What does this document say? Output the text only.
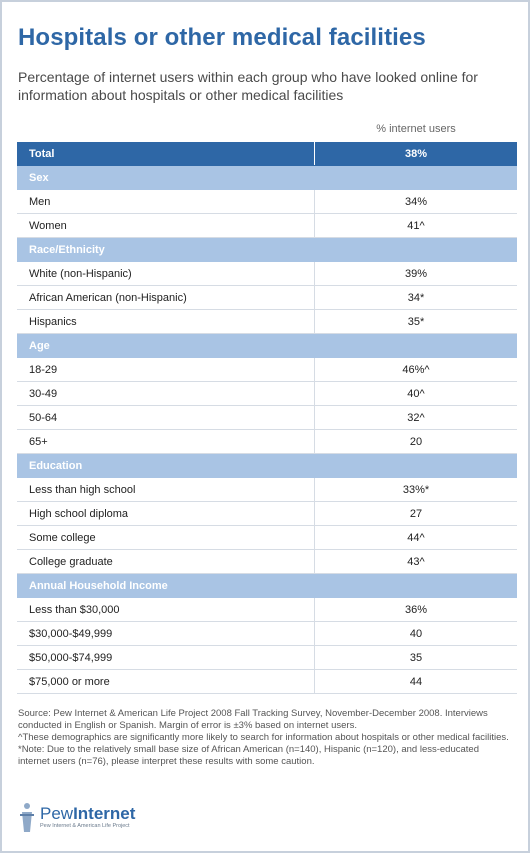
Hospitals or other medical facilities
Percentage of internet users within each group who have looked online for information about hospitals or other medical facilities
% internet users
Total	38%
Sex
Men	34%
Women	41^
Race/Ethnicity
White (non-Hispanic)	39%
African American (non-Hispanic)	34*
Hispanics	35*
Age
18-29	46%^
30-49	40^
50-64	32^
65+	20
Education
Less than high school	33%*
High school diploma	27
Some college	44^
College graduate	43^
Annual Household Income
Less than $30,000	36%
$30,000-$49,999	40
$50,000-$74,999	35
$75,000 or more	44
Source: Pew Internet & American Life Project 2008 Fall Tracking Survey, November-December 2008. Interviews conducted in English or Spanish. Margin of error is ±3% based on internet users.
^These demographics are significantly more likely to search for information about hospitals or other medical facilities.
*Note: Due to the relatively small base size of African American (n=140), Hispanic (n=120), and less-educated internet users (n=76), please interpret these results with some caution.
PewInternet
Pew Internet & American Life Project
